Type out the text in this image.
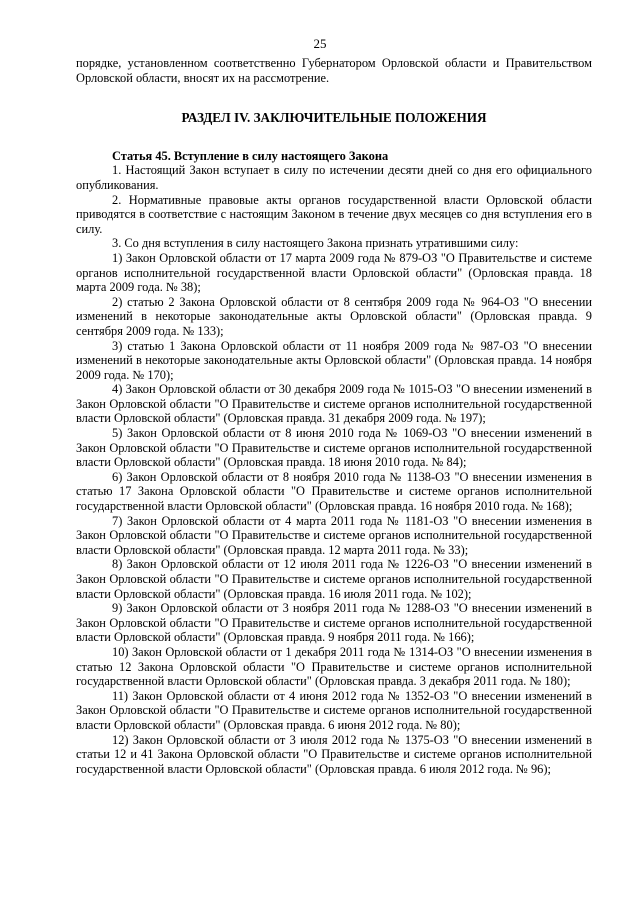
25

порядке, установленном соответственно Губернатором Орловской области и Правительством Орловской области, вносят их на рассмотрение.

РАЗДЕЛ IV. ЗАКЛЮЧИТЕЛЬНЫЕ ПОЛОЖЕНИЯ

Статья 45. Вступление в силу настоящего Закона

1. Настоящий Закон вступает в силу по истечении десяти дней со дня его официального опубликования.

2. Нормативные правовые акты органов государственной власти Орловской области приводятся в соответствие с настоящим Законом в течение двух месяцев со дня вступления его в силу.

3. Со дня вступления в силу настоящего Закона признать утратившими силу:

1) Закон Орловской области от 17 марта 2009 года № 879-ОЗ "О Правительстве и системе органов исполнительной государственной власти Орловской области" (Орловская правда. 18 марта 2009 года. № 38);

2) статью 2 Закона Орловской области от 8 сентября 2009 года № 964-ОЗ "О внесении изменений в некоторые законодательные акты Орловской области" (Орловская правда. 9 сентября 2009 года. № 133);

3) статью 1 Закона Орловской области от 11 ноября 2009 года № 987-ОЗ "О внесении изменений в некоторые законодательные акты Орловской области" (Орловская правда. 14 ноября 2009 года. № 170);

4) Закон Орловской области от 30 декабря 2009 года № 1015-ОЗ "О внесении изменений в Закон Орловской области "О Правительстве и системе органов исполнительной государственной власти Орловской области" (Орловская правда. 31 декабря 2009 года. № 197);

5) Закон Орловской области от 8 июня 2010 года № 1069-ОЗ "О внесении изменений в Закон Орловской области "О Правительстве и системе органов исполнительной государственной власти Орловской области" (Орловская правда. 18 июня 2010 года. № 84);

6) Закон Орловской области от 8 ноября 2010 года № 1138-ОЗ "О внесении изменения в статью 17 Закона Орловской области "О Правительстве и системе органов исполнительной государственной власти Орловской области" (Орловская правда. 16 ноября 2010 года. № 168);

7) Закон Орловской области от 4 марта 2011 года № 1181-ОЗ "О внесении изменения в Закон Орловской области "О Правительстве и системе органов исполнительной государственной власти Орловской области" (Орловская правда. 12 марта 2011 года. № 33);

8) Закон Орловской области от 12 июля 2011 года № 1226-ОЗ "О внесении изменений в Закон Орловской области "О Правительстве и системе органов исполнительной государственной власти Орловской области" (Орловская правда. 16 июля 2011 года. № 102);

9) Закон Орловской области от 3 ноября 2011 года № 1288-ОЗ "О внесении изменений в Закон Орловской области "О Правительстве и системе органов исполнительной государственной власти Орловской области" (Орловская правда. 9 ноября 2011 года. № 166);

10) Закон Орловской области от 1 декабря 2011 года № 1314-ОЗ "О внесении изменения в статью 12 Закона Орловской области "О Правительстве и системе органов исполнительной государственной власти Орловской области" (Орловская правда. 3 декабря 2011 года. № 180);

11) Закон Орловской области от 4 июня 2012 года № 1352-ОЗ "О внесении изменений в Закон Орловской области "О Правительстве и системе органов исполнительной государственной власти Орловской области" (Орловская правда. 6 июня 2012 года. № 80);

12) Закон Орловской области от 3 июля 2012 года № 1375-ОЗ "О внесении изменений в статьи 12 и 41 Закона Орловской области "О Правительстве и системе органов исполнительной государственной власти Орловской области" (Орловская правда. 6 июля 2012 года. № 96);
